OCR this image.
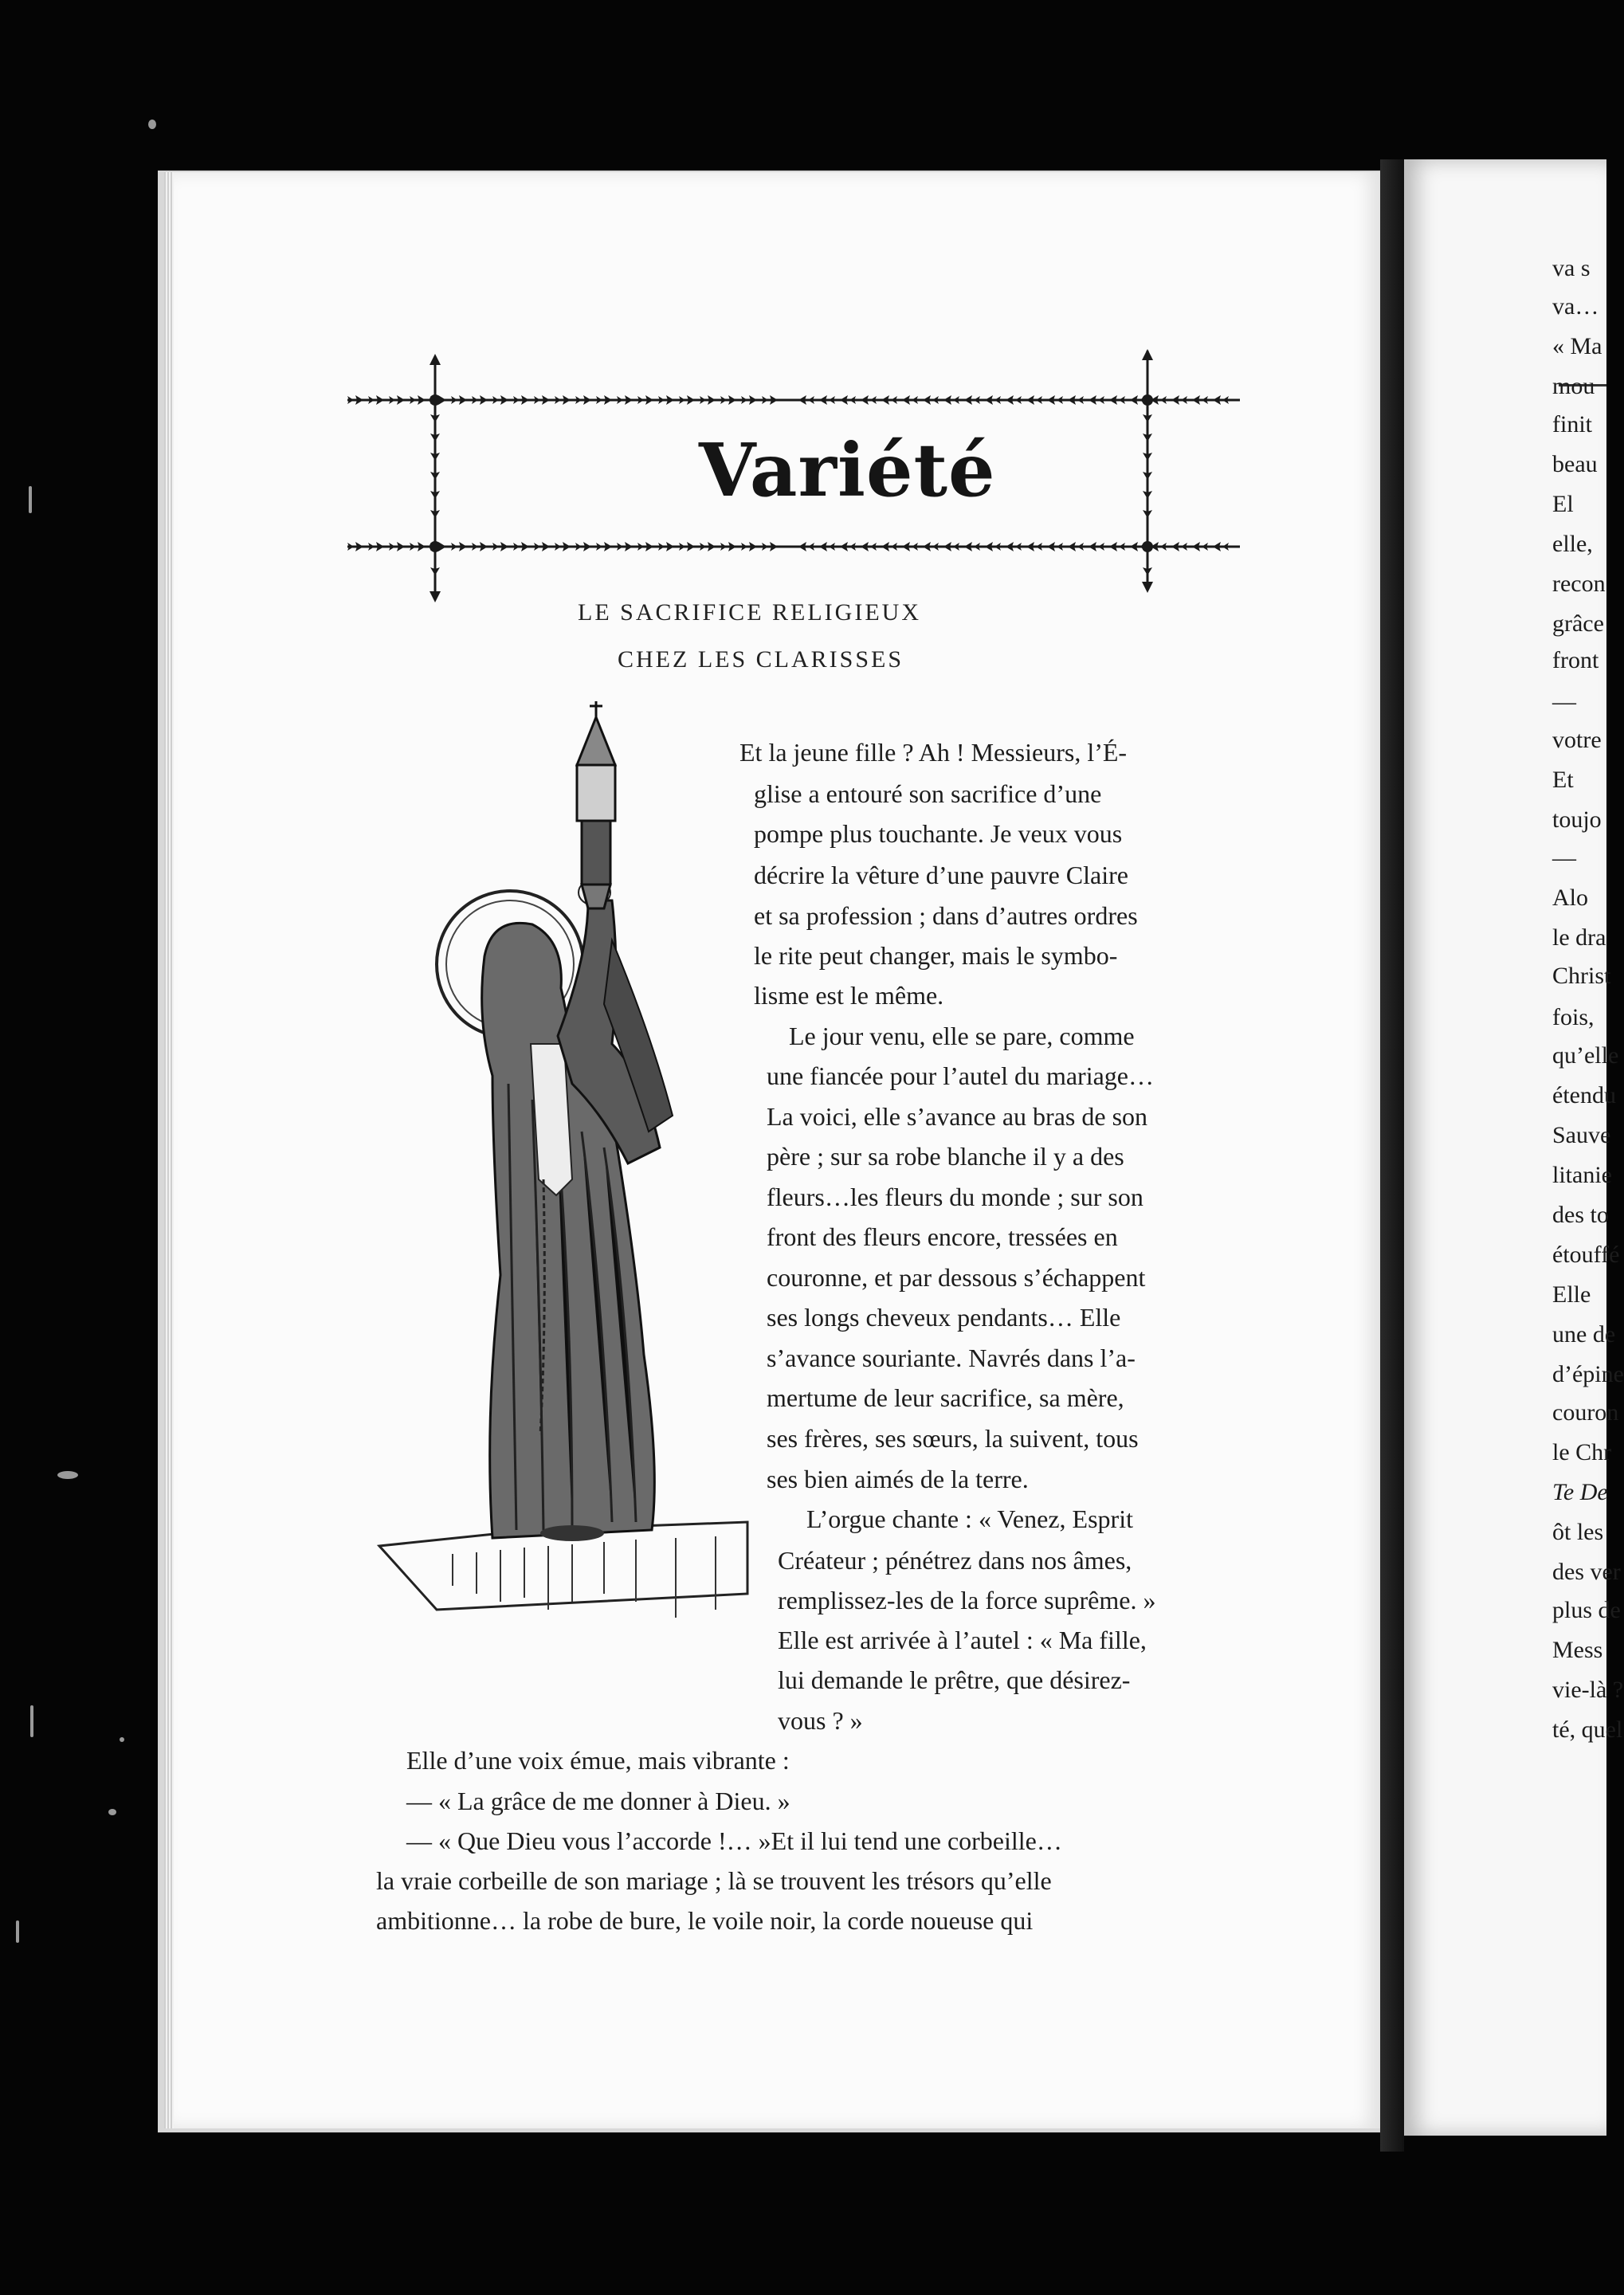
va s
va…
« Ma
mou
finit
beau
El
elle,
recon
grâce
front
—
votre
Et
toujo
—
Alo
le dra
Christ
fois,
qu’elle
étendu
Sauve
litanie
des to
étouffé
Elle
une de
d’épine
couron
le Chr
Te De
ôt les
des ver
plus de
Mess
vie-là ?
té, quel
Variété
LE SACRIFICE RELIGIEUX
CHEZ LES CLARISSES
Et la jeune fille ? Ah ! Messieurs, l’É-
glise a entouré son sacrifice d’une
pompe plus touchante. Je veux vous
décrire la vêture d’une pauvre Claire
et sa profession ; dans d’autres ordres
le rite peut changer, mais le symbo-
lisme est le même.
Le jour venu, elle se pare, comme
une fiancée pour l’autel du mariage…
La voici, elle s’avance au bras de son
père ; sur sa robe blanche il y a des
fleurs…les fleurs du monde ; sur son
front des fleurs encore, tressées en
couronne, et par dessous s’échappent
ses longs cheveux pendants… Elle
s’avance souriante. Navrés dans l’a-
mertume de leur sacrifice, sa mère,
ses frères, ses sœurs, la suivent, tous
ses bien aimés de la terre.
L’orgue chante : « Venez, Esprit
Créateur ; pénétrez dans nos âmes,
remplissez-les de la force suprême. »
Elle est arrivée à l’autel : « Ma fille,
lui demande le prêtre, que désirez-
vous ? »
Elle d’une voix émue, mais vibrante :
— « La grâce de me donner à Dieu. »
— « Que Dieu vous l’accorde !… »Et il lui tend une corbeille…
la vraie corbeille de son mariage ; là se trouvent les trésors qu’elle
ambitionne… la robe de bure, le voile noir, la corde noueuse qui
